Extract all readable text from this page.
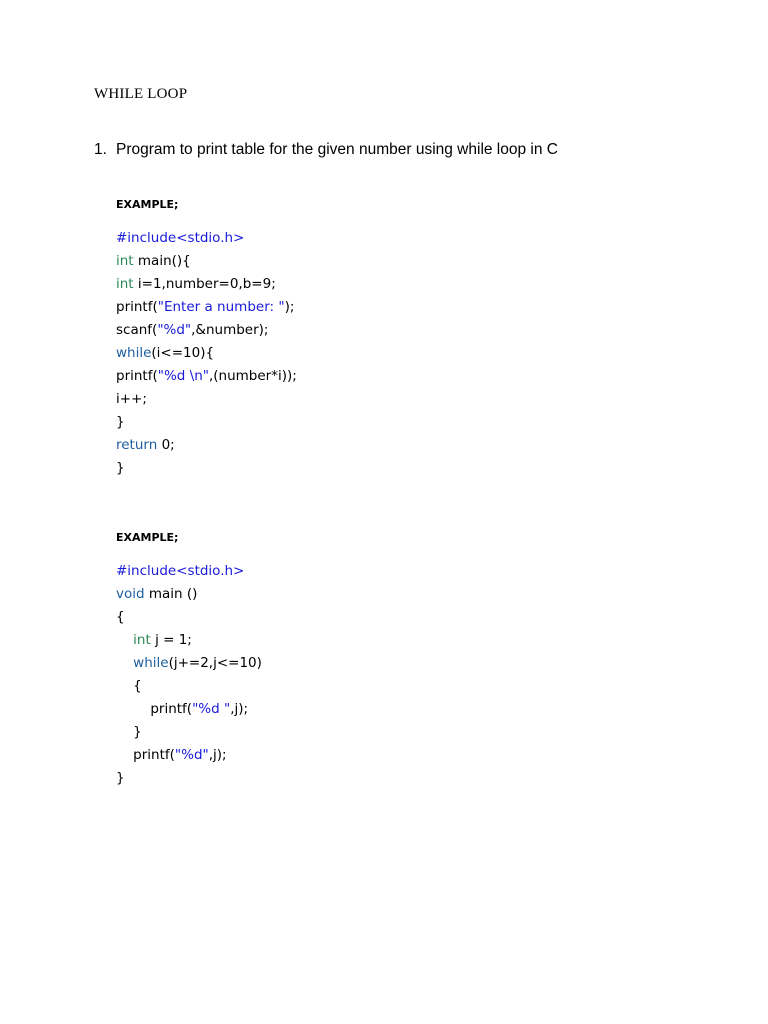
WHILE LOOP
1. Program to print table for the given number using while loop in C
EXAMPLE;
#include<stdio.h>
int main(){
int i=1,number=0,b=9;
printf("Enter a number: ");
scanf("%d",&number);
while(i<=10){
printf("%d \n",(number*i));
i++;
}
return 0;
}
EXAMPLE;
#include<stdio.h>
void main ()
{
int j = 1;
while(j+=2,j<=10)
{
printf("%d ",j);
}
printf("%d",j);
}
